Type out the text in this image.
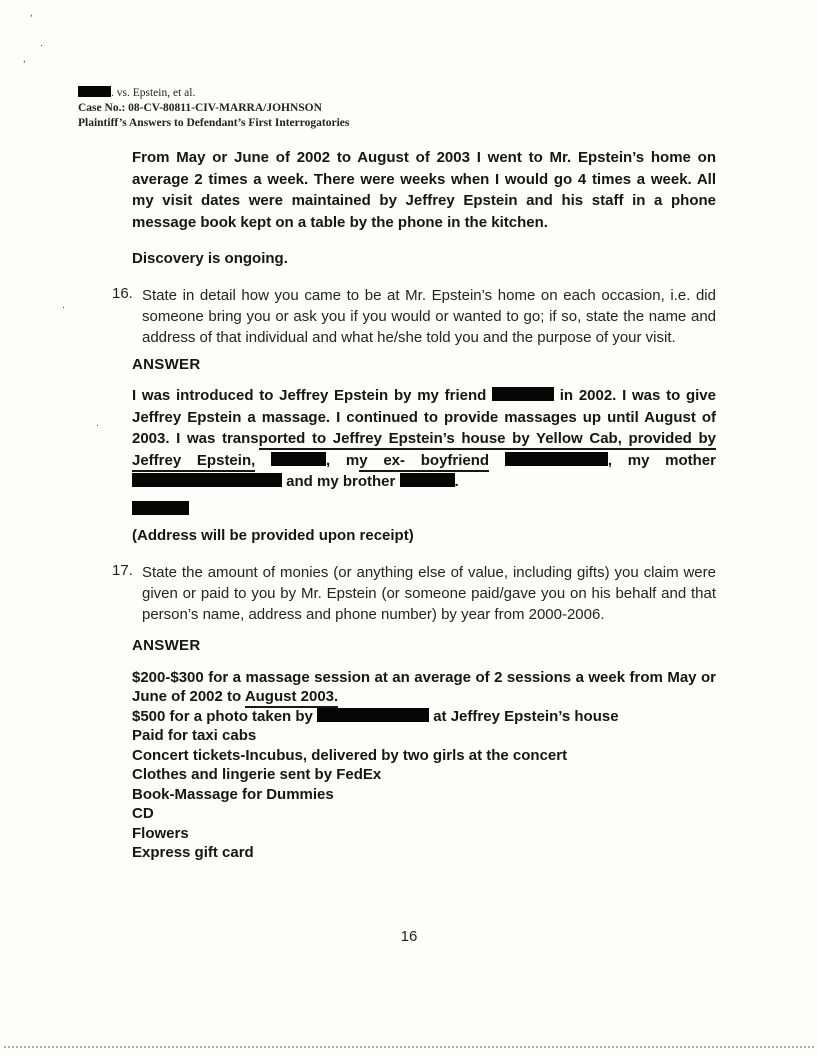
’
.
’
.
.
. vs. Epstein, et al.
Case No.: 08-CV-80811-CIV-MARRA/JOHNSON
Plaintiff’s Answers to Defendant’s First Interrogatories

From May or June of 2002 to August of 2003 I went to Mr. Epstein’s home on average 2 times a week. There were weeks when I would go 4 times a week. All my visit dates were maintained by Jeffrey Epstein and his staff in a phone message book kept on a table by the phone in the kitchen.

Discovery is ongoing.

16. State in detail how you came to be at Mr. Epstein’s home on each occasion, i.e. did someone bring you or ask you if you would or wanted to go; if so, state the name and address of that individual and what he/she told you and the purpose of your visit.

ANSWER

I was introduced to Jeffrey Epstein by my friend	in 2002. I was to give Jeffrey Epstein a massage. I continued to provide massages up until August of 2003. I was transported to Jeffrey Epstein’s house by Yellow Cab, provided by Jeffrey Epstein,	, my ex- boyfriend	, my mother  and my brother	.

(Address will be provided upon receipt)

17. State the amount of monies (or anything else of value, including gifts) you claim were given or paid to you by Mr. Epstein (or someone paid/gave you on his behalf and that person’s name, address and phone number) by year from 2000-2006.

ANSWER

$200-$300 for a massage session at an average of 2 sessions a week from May or June of 2002 to August 2003.

$500 for a photo taken by	at Jeffrey Epstein’s house

Paid for taxi cabs

Concert tickets-Incubus, delivered by two girls at the concert

Clothes and lingerie sent by FedEx

Book-Massage for Dummies

CD

Flowers

Express gift card

16
